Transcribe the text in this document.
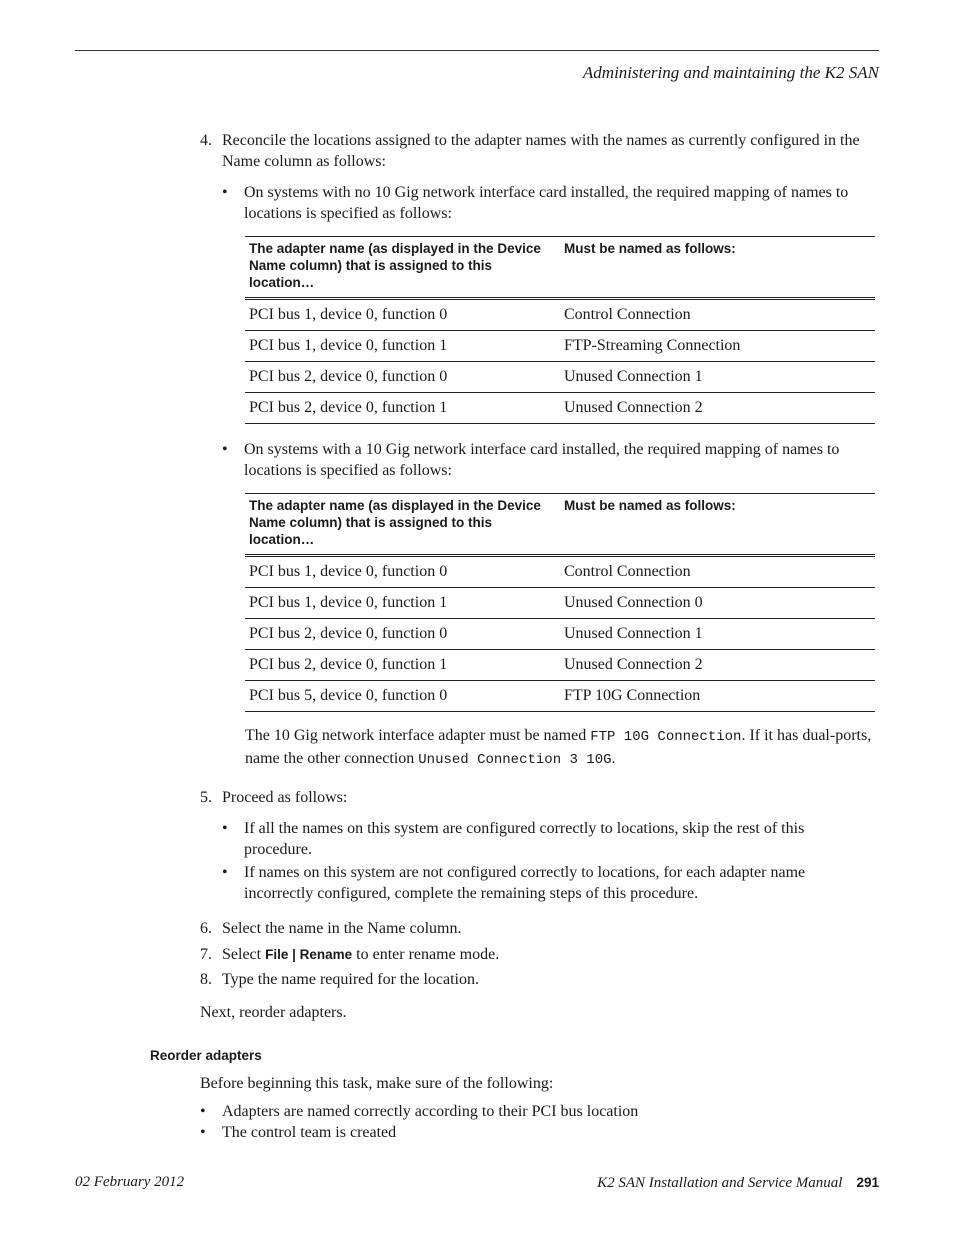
Administering and maintaining the K2 SAN
4. Reconcile the locations assigned to the adapter names with the names as currently configured in the Name column as follows:
• On systems with no 10 Gig network interface card installed, the required mapping of names to locations is specified as follows:
The adapter name (as displayed in the Device Name column) that is assigned to this location…	Must be named as follows:
PCI bus 1, device 0, function 0	Control Connection
PCI bus 1, device 0, function 1	FTP-Streaming Connection
PCI bus 2, device 0, function 0	Unused Connection 1
PCI bus 2, device 0, function 1	Unused Connection 2
• On systems with a 10 Gig network interface card installed, the required mapping of names to locations is specified as follows:
The adapter name (as displayed in the Device Name column) that is assigned to this location…	Must be named as follows:
PCI bus 1, device 0, function 0	Control Connection
PCI bus 1, device 0, function 1	Unused Connection 0
PCI bus 2, device 0, function 0	Unused Connection 1
PCI bus 2, device 0, function 1	Unused Connection 2
PCI bus 5, device 0, function 0	FTP 10G Connection
The 10 Gig network interface adapter must be named FTP 10G Connection. If it has dual-ports, name the other connection Unused Connection 3 10G.
5. Proceed as follows:
• If all the names on this system are configured correctly to locations, skip the rest of this procedure.
• If names on this system are not configured correctly to locations, for each adapter name incorrectly configured, complete the remaining steps of this procedure.
6. Select the name in the Name column.
7. Select File | Rename to enter rename mode.
8. Type the name required for the location.
Next, reorder adapters.
Reorder adapters
Before beginning this task, make sure of the following:
• Adapters are named correctly according to their PCI bus location
• The control team is created
02 February 2012	K2 SAN Installation and Service Manual 291
